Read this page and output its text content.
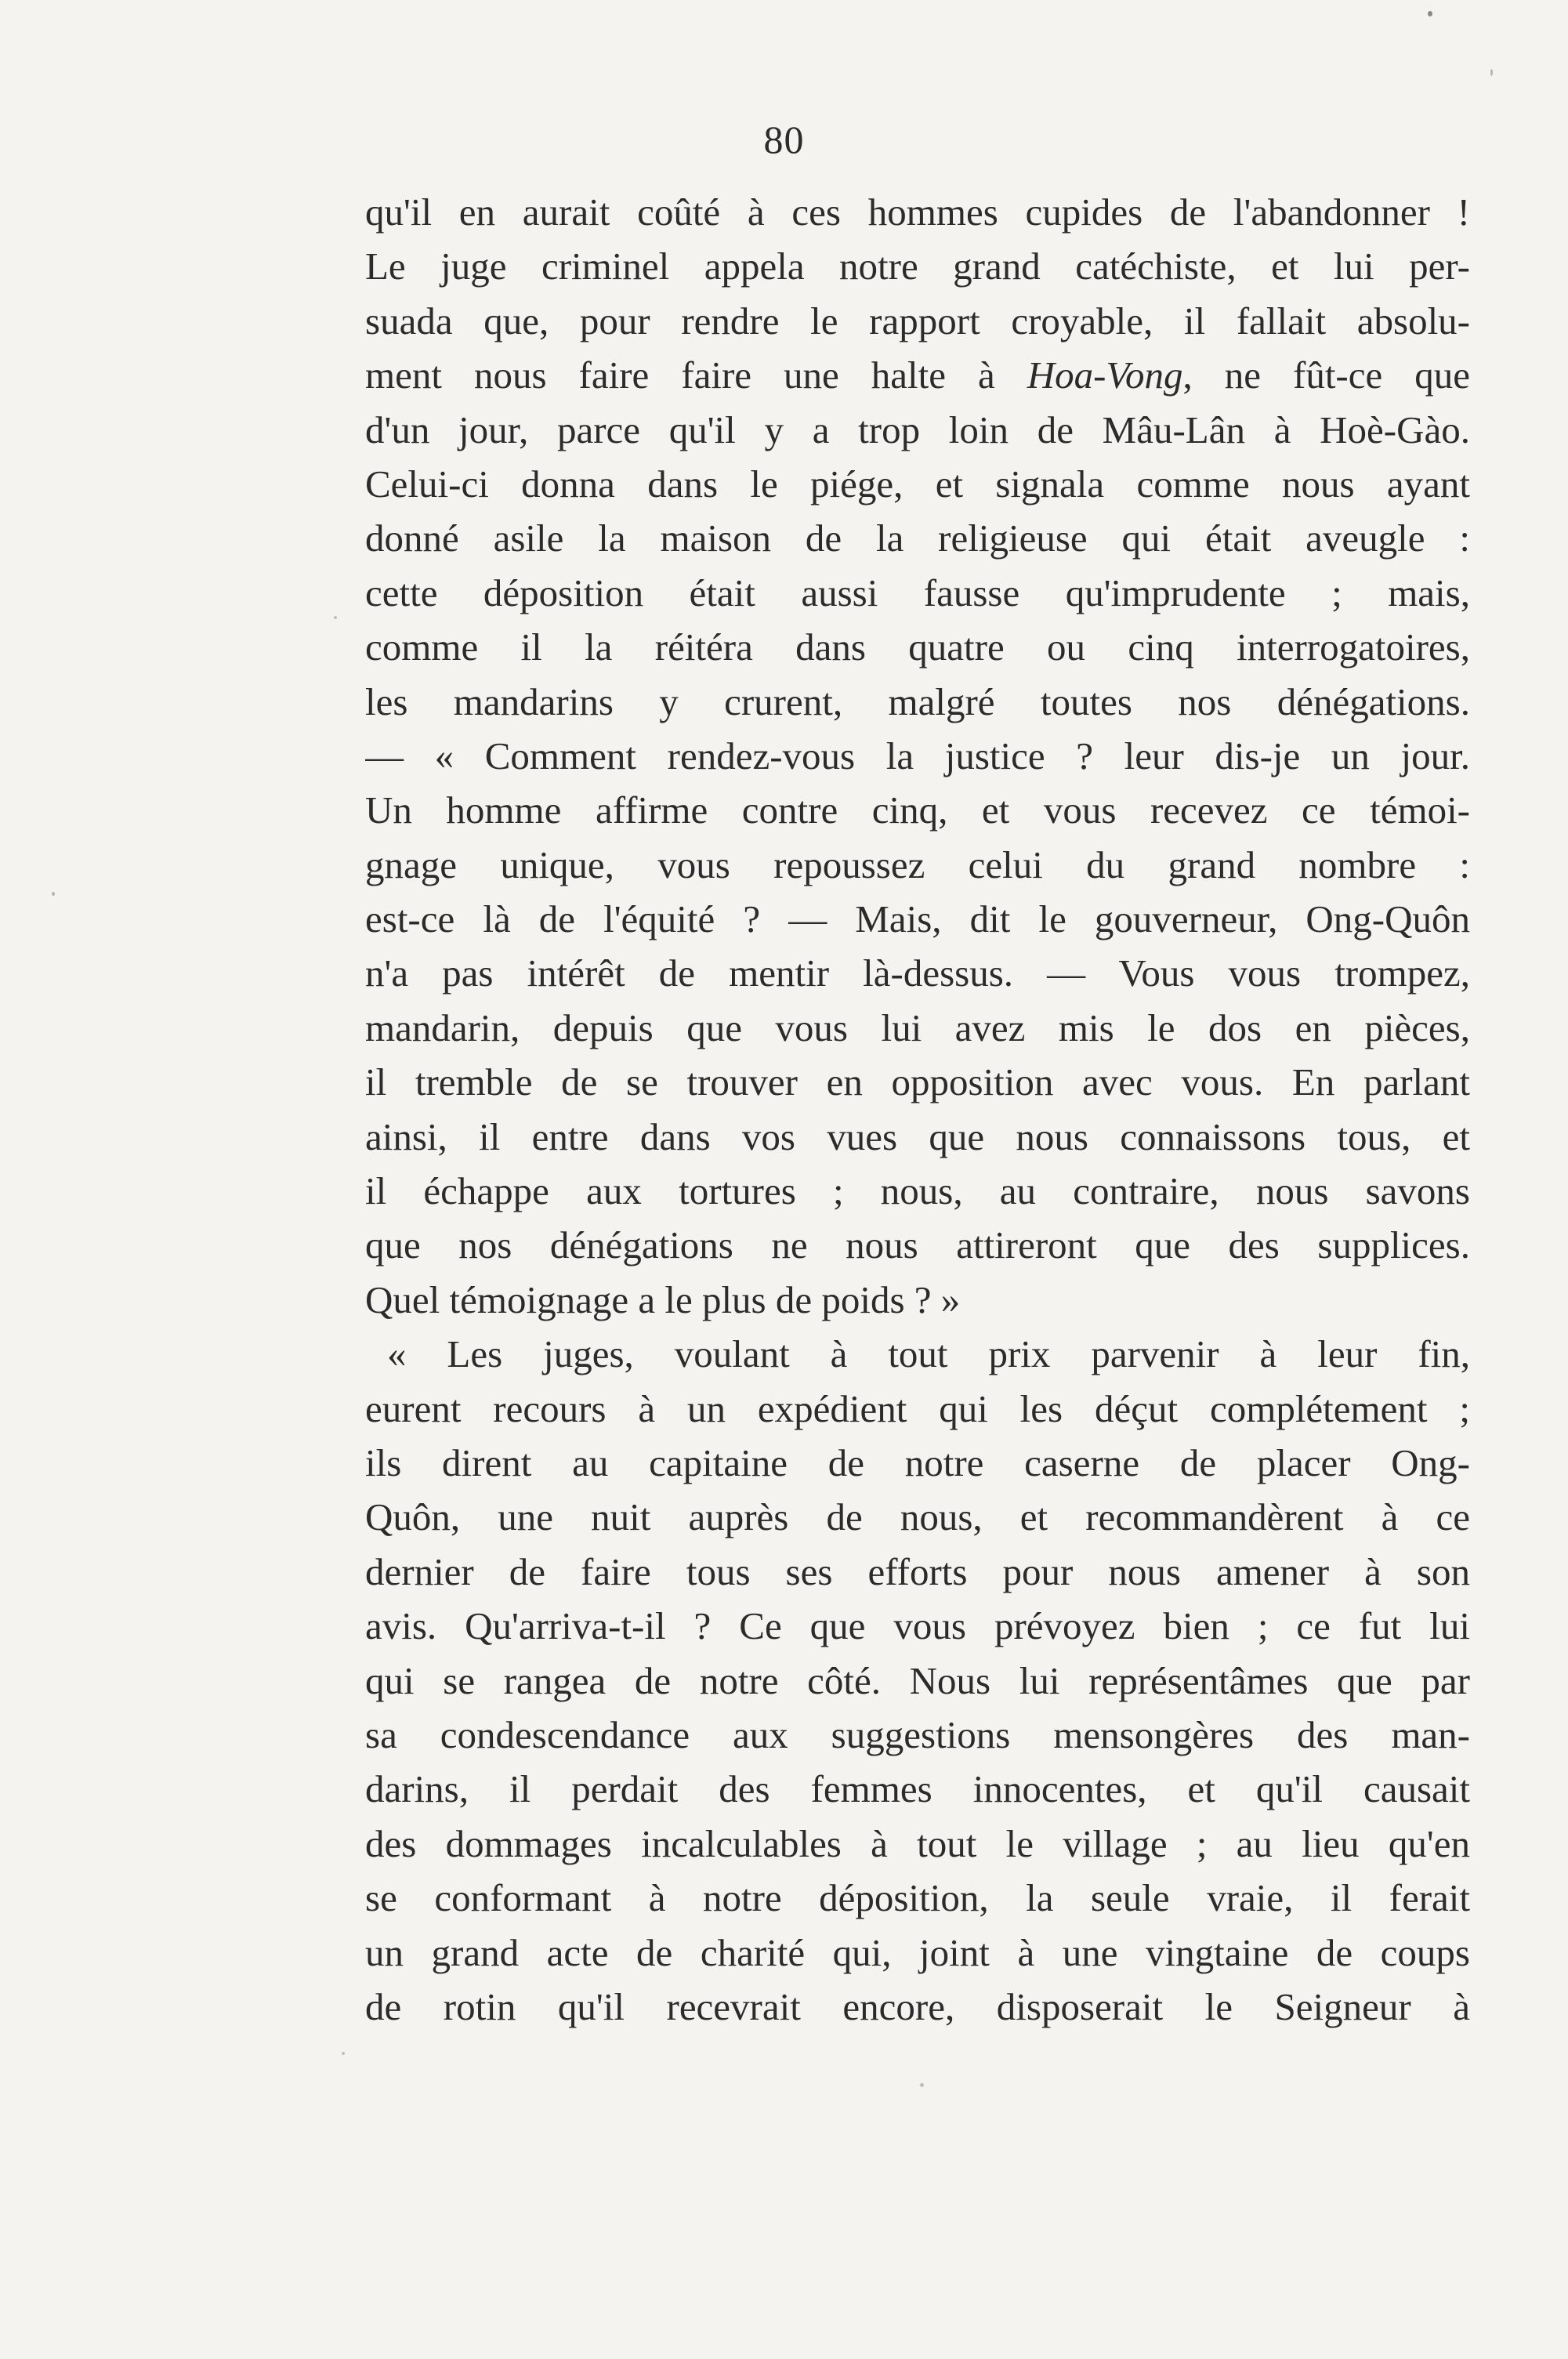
80
qu'il en aurait coûté à ces hommes cupides de l'abandonner !
Le juge criminel appela notre grand catéchiste, et lui per-
suada que, pour rendre le rapport croyable, il fallait absolu-
ment nous faire faire une halte à Hoa-Vong, ne fût-ce que
d'un jour, parce qu'il y a trop loin de Mâu-Lân à Hoè-Gào.
Celui-ci donna dans le piége, et signala comme nous ayant
donné asile la maison de la religieuse qui était aveugle :
cette déposition était aussi fausse qu'imprudente ; mais,
comme il la réitéra dans quatre ou cinq interrogatoires,
les mandarins y crurent, malgré toutes nos dénégations.
— « Comment rendez-vous la justice ? leur dis-je un jour.
Un homme affirme contre cinq, et vous recevez ce témoi-
gnage unique, vous repoussez celui du grand nombre :
est-ce là de l'équité ? — Mais, dit le gouverneur, Ong-Quôn
n'a pas intérêt de mentir là-dessus. — Vous vous trompez,
mandarin, depuis que vous lui avez mis le dos en pièces,
il tremble de se trouver en opposition avec vous. En parlant
ainsi, il entre dans vos vues que nous connaissons tous, et
il échappe aux tortures ; nous, au contraire, nous savons
que nos dénégations ne nous attireront que des supplices.
Quel témoignage a le plus de poids ? »
« Les juges, voulant à tout prix parvenir à leur fin,
eurent recours à un expédient qui les déçut complétement ;
ils dirent au capitaine de notre caserne de placer Ong-
Quôn, une nuit auprès de nous, et recommandèrent à ce
dernier de faire tous ses efforts pour nous amener à son
avis. Qu'arriva-t-il ? Ce que vous prévoyez bien ; ce fut lui
qui se rangea de notre côté. Nous lui représentâmes que par
sa condescendance aux suggestions mensongères des man-
darins, il perdait des femmes innocentes, et qu'il causait
des dommages incalculables à tout le village ; au lieu qu'en
se conformant à notre déposition, la seule vraie, il ferait
un grand acte de charité qui, joint à une vingtaine de coups
de rotin qu'il recevrait encore, disposerait le Seigneur à
